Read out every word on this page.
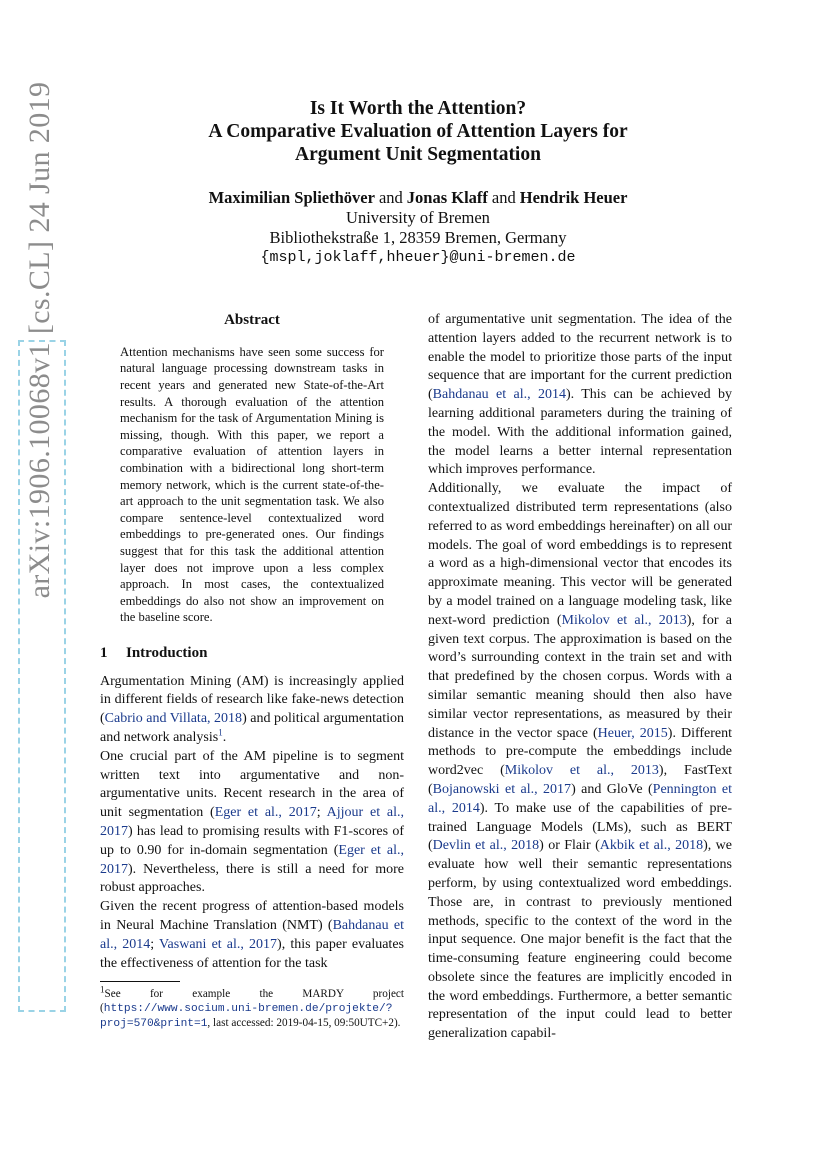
arXiv:1906.10068v1 [cs.CL] 24 Jun 2019	Is It Worth the Attention?
A Comparative Evaluation of Attention Layers for
Argument Unit Segmentation
Maximilian Spliethöver and Jonas Klaff and Hendrik Heuer
University of Bremen
Bibliothekstraße 1, 28359 Bremen, Germany
{mspl,joklaff,hheuer}@uni-bremen.de
Abstract
Attention mechanisms have seen some success for natural language processing downstream tasks in recent years and generated new State-of-the-Art results. A thorough evaluation of the attention mechanism for the task of Argumentation Mining is missing, though. With this paper, we report a comparative evaluation of attention layers in combination with a bidirectional long short-term memory network, which is the current state-of-the-art approach to the unit segmentation task. We also compare sentence-level contextualized word embeddings to pre-generated ones. Our findings suggest that for this task the additional attention layer does not improve upon a less complex approach. In most cases, the contextualized embeddings do also not show an improvement on the baseline score.
1 Introduction

Argumentation Mining (AM) is increasingly applied in different fields of research like fake-news detection (Cabrio and Villata, 2018) and political argumentation and network analysis$^1$.

One crucial part of the AM pipeline is to segment written text into argumentative and non-argumentative units. Recent research in the area of unit segmentation (Eger et al., 2017; Ajjour et al., 2017) has lead to promising results with F1-scores of up to 0.90 for in-domain segmentation (Eger et al., 2017). Nevertheless, there is still a need for more robust approaches.

Given the recent progress of attention-based models in Neural Machine Translation (NMT) (Bahdanau et al., 2014; Vaswani et al., 2017), this paper evaluates the effectiveness of attention for the task

$^1$See for example the MARDY project (https://www.socium.uni-bremen.de/projekte/?proj=570&print=1, last accessed: 2019-04-15, 09:50UTC+2).

of argumentative unit segmentation. The idea of the attention layers added to the recurrent network is to enable the model to prioritize those parts of the input sequence that are important for the current prediction (Bahdanau et al., 2014). This can be achieved by learning additional parameters during the training of the model. With the additional information gained, the model learns a better internal representation which improves performance.

Additionally, we evaluate the impact of contextualized distributed term representations (also referred to as word embeddings hereinafter) on all our models. The goal of word embeddings is to represent a word as a high-dimensional vector that encodes its approximate meaning. This vector will be generated by a model trained on a language modeling task, like next-word prediction (Mikolov et al., 2013), for a given text corpus. The approximation is based on the word’s surrounding context in the train set and with that predefined by the chosen corpus. Words with a similar semantic meaning should then also have similar vector representations, as measured by their distance in the vector space (Heuer, 2015). Different methods to pre-compute the embeddings include word2vec (Mikolov et al., 2013), FastText (Bojanowski et al., 2017) and GloVe (Pennington et al., 2014). To make use of the capabilities of pre-trained Language Models (LMs), such as BERT (Devlin et al., 2018) or Flair (Akbik et al., 2018), we evaluate how well their semantic representations perform, by using contextualized word embeddings. Those are, in contrast to previously mentioned methods, specific to the context of the word in the input sequence. One major benefit is the fact that the time-consuming feature engineering could become obsolete since the features are implicitly encoded in the word embeddings. Furthermore, a better semantic representation of the input could lead to better generalization capabil-
